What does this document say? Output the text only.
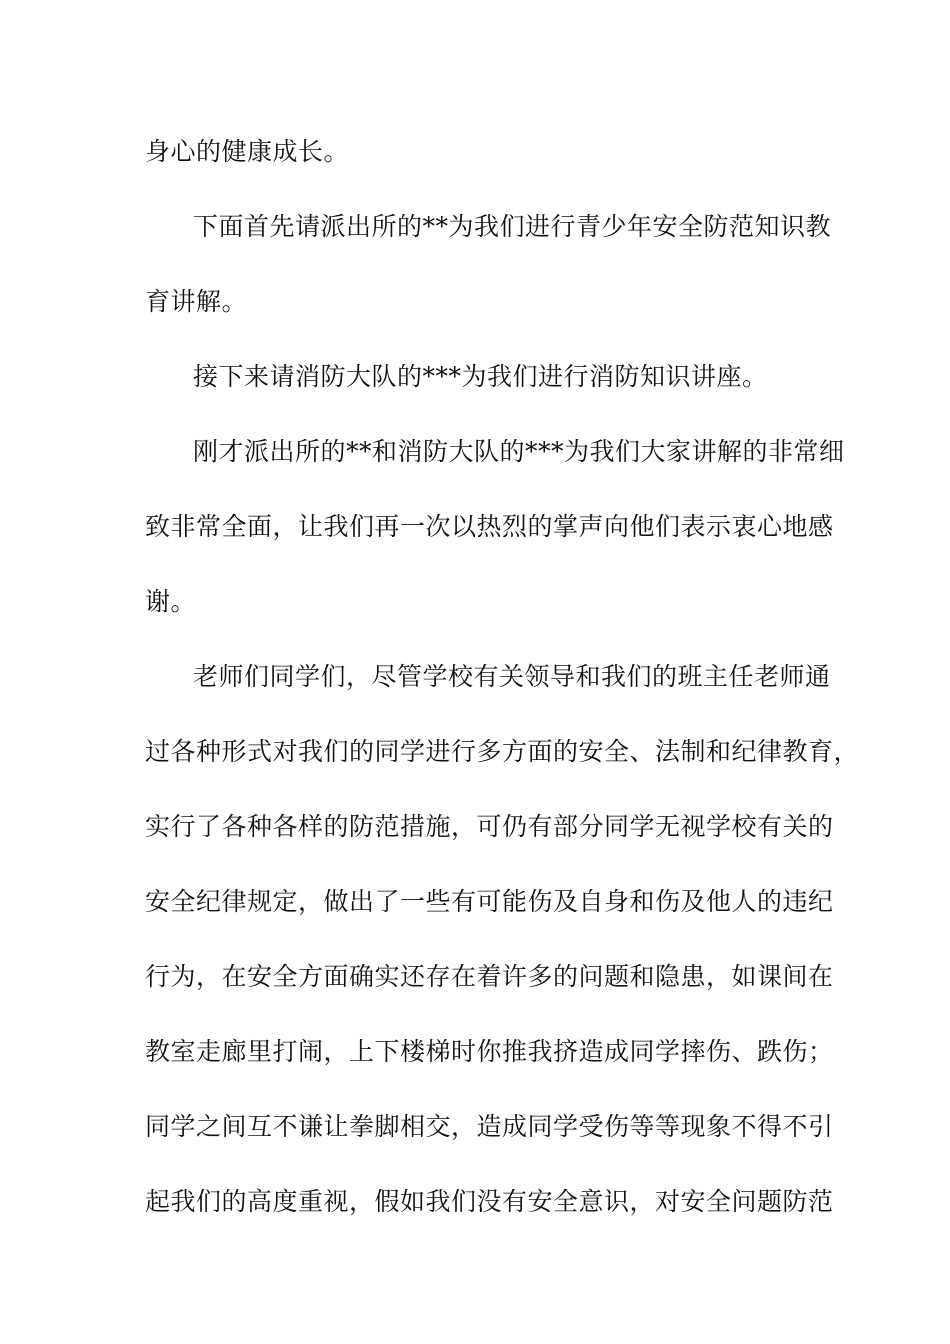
身心的健康成长。
下面首先请派出所的**为我们进行青少年安全防范知识教
育讲解。
接下来请消防大队的***为我们进行消防知识讲座。
刚才派出所的**和消防大队的***为我们大家讲解的非常细
致非常全面，让我们再一次以热烈的掌声向他们表示衷心地感
谢。
老师们同学们，尽管学校有关领导和我们的班主任老师通
过各种形式对我们的同学进行多方面的安全、法制和纪律教育，
实行了各种各样的防范措施，可仍有部分同学无视学校有关的
安全纪律规定，做出了一些有可能伤及自身和伤及他人的违纪
行为，在安全方面确实还存在着许多的问题和隐患，如课间在
教室走廊里打闹，上下楼梯时你推我挤造成同学摔伤、跌伤；
同学之间互不谦让拳脚相交，造成同学受伤等等现象不得不引
起我们的高度重视，假如我们没有安全意识，对安全问题防范
